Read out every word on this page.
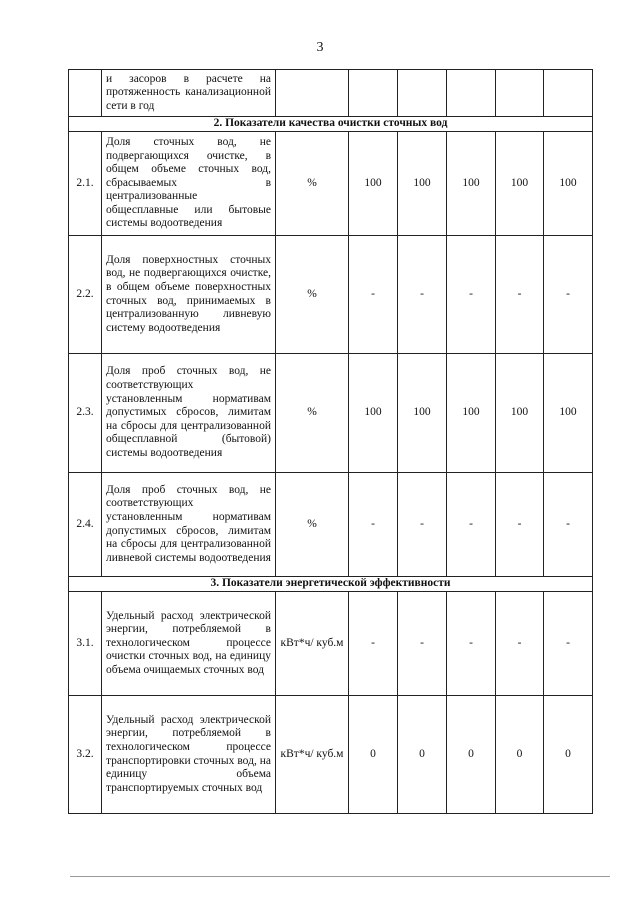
3
	и засоров в расчете на протяженность канализационной сети в год						
2. Показатели качества очистки сточных вод							
2.1.	Доля сточных вод, не подвергающихся очистке, в общем объеме сточных вод, сбрасываемых в централизованные общесплавные или бытовые системы водоотведения	%	100	100	100	100	100
2.2.	Доля поверхностных сточных вод, не подвергающихся очистке, в общем объеме поверхностных сточных вод, принимаемых в централизованную ливневую систему водоотведения	%	-	-	-	-	-
2.3.	Доля проб сточных вод, не соответствующих установленным нормативам допустимых сбросов, лимитам на сбросы для централизованной общесплавной (бытовой) системы водоотведения	%	100	100	100	100	100
2.4.	Доля проб сточных вод, не соответствующих установленным нормативам допустимых сбросов, лимитам на сбросы для централизованной ливневой системы водоотведения	%	-	-	-	-	-
3. Показатели энергетической эффективности							
3.1.	Удельный расход электрической энергии, потребляемой в технологическом процессе очистки сточных вод, на единицу объема очищаемых сточных вод	кВт*ч/ куб.м	-	-	-	-	-
3.2.	Удельный расход электрической энергии, потребляемой в технологическом процессе транспортировки сточных вод, на единицу объема транспортируемых сточных вод	кВт*ч/ куб.м	0	0	0	0	0
